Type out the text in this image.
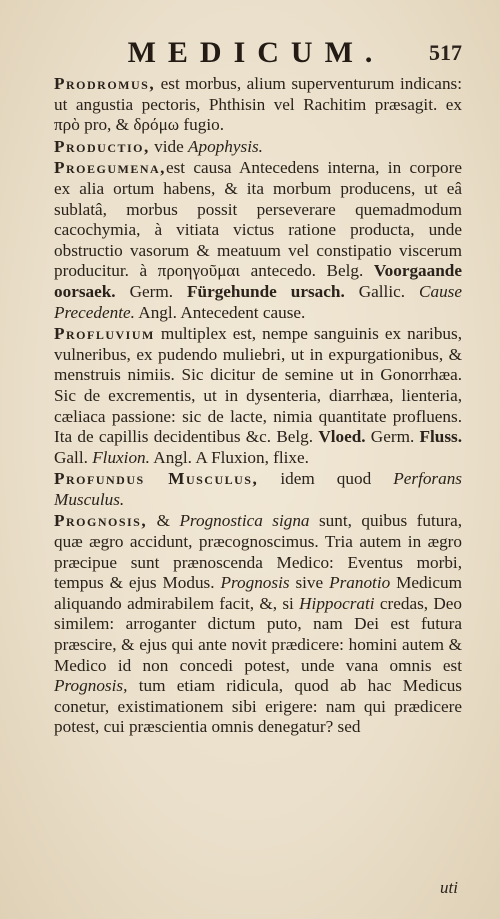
MEDICUM.	517

Prodromus, est morbus, alium superventurum indicans: ut angustia pectoris, Phthisin vel Rachitim præsagit. ex πρὸ pro, & δρόμω fugio.

Productio, vide Apophysis.

Proegumena,est causa Antecedens interna, in corpore ex alia ortum habens, & ita morbum producens, ut eâ sublatâ, morbus possit perseverare quemadmodum cacochymia, à vitiata victus ratione producta, unde obstructio vasorum & meatuum vel constipatio viscerum producitur. à προηγοῦμαι antecedo. Belg. Voorgaande oorsaek. Germ. Fürgehunde ursach. Gallic. Cause Precedente. Angl. Antecedent cause.

Profluvium multiplex est, nempe sanguinis ex naribus, vulneribus, ex pudendo muliebri, ut in expurgationibus, & menstruis nimiis. Sic dicitur de semine ut in Gonorrhæa. Sic de excrementis, ut in dysenteria, diarrhæa, lienteria, cæliaca passione: sic de lacte, nimia quantitate profluens. Ita de capillis decidentibus &c. Belg. Vloed. Germ. Fluss. Gall. Fluxion. Angl. A Fluxion, flixe.

Profundus Musculus, idem quod Perforans Musculus.

Prognosis, & Prognostica signa sunt, quibus futura, quæ ægro accidunt, præcognoscimus. Tria autem in ægro præcipue sunt prænoscenda Medico: Eventus morbi, tempus & ejus Modus. Prognosis sive Pranotio Medicum aliquando admirabilem facit, &, si Hippocrati credas, Deo similem: arroganter dictum puto, nam Dei est futura præscire, & ejus qui ante novit prædicere: homini autem & Medico id non concedi potest, unde vana omnis est Prognosis, tum etiam ridicula, quod ab hac Medicus conetur, existimationem sibi erigere: nam qui prædicere potest, cui præscientia omnis denegatur? sed

uti
